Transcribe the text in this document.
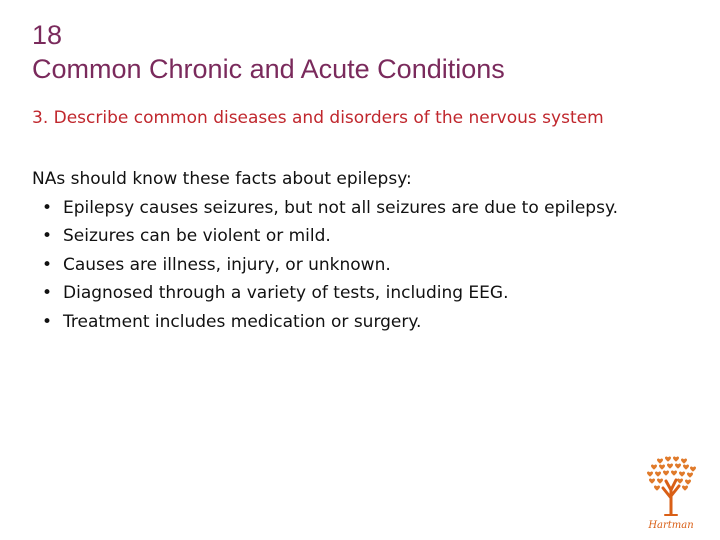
18
Common Chronic and Acute Conditions
3. Describe common diseases and disorders of the nervous system
NAs should know these facts about epilepsy:
• Epilepsy causes seizures, but not all seizures are due to epilepsy.
• Seizures can be violent or mild.
• Causes are illness, injury, or unknown.
• Diagnosed through a variety of tests, including EEG.
• Treatment includes medication or surgery.
Hartman
